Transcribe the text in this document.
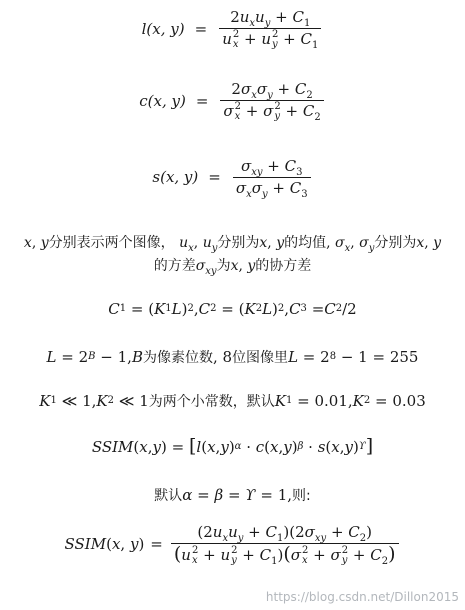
l(x, $y) = 2u_xu_y + C_1$
u 2
x + u 2
$y + C_1$
c(x, $y) = 2\sigma_x\sigma_y + C_2$
σ 2
x + σ 2
$y + C_2$
s(x, $y) = \frac{\sigma_{xy} + C_3}{\sigma_x\sigma_y + C_3}$
x, y分别表示两个图像， $u_x$, $u_y$分别为x, y的均值, $\sigma_x$, $\sigma_y$分别为x, y
的方差$\sigma_{xy}$为x, y的协方差
C 1 = ( K 1 L ) 2 , C 2 = ( K 2 L ) 2 , C 3 = C 2 /2
L = 2 B − 1, B 为像素位数 , 8 位图像里 L = 2 8 − 1 = 255
K 1 ≪ 1, K 2 ≪ 1 为两个小常数，默认 K 1 = 0.01, K 2 = 0.03
SSIM ( x , y ) = [ l ( x , y ) α · c ( x , y ) β · s ( x , y ) ϒ ]
默认 α = β = ϒ = 1, 则:
SSIM(x, $y) = (2u_xu_y + C_1)(2\sigma_{xy} + C_2)$
(u 2
x + u 2
$y + C_1)(\sigma$ 2
x + σ 2
$y + C_2$)
https://blog.csdn.net/Dillon2015
